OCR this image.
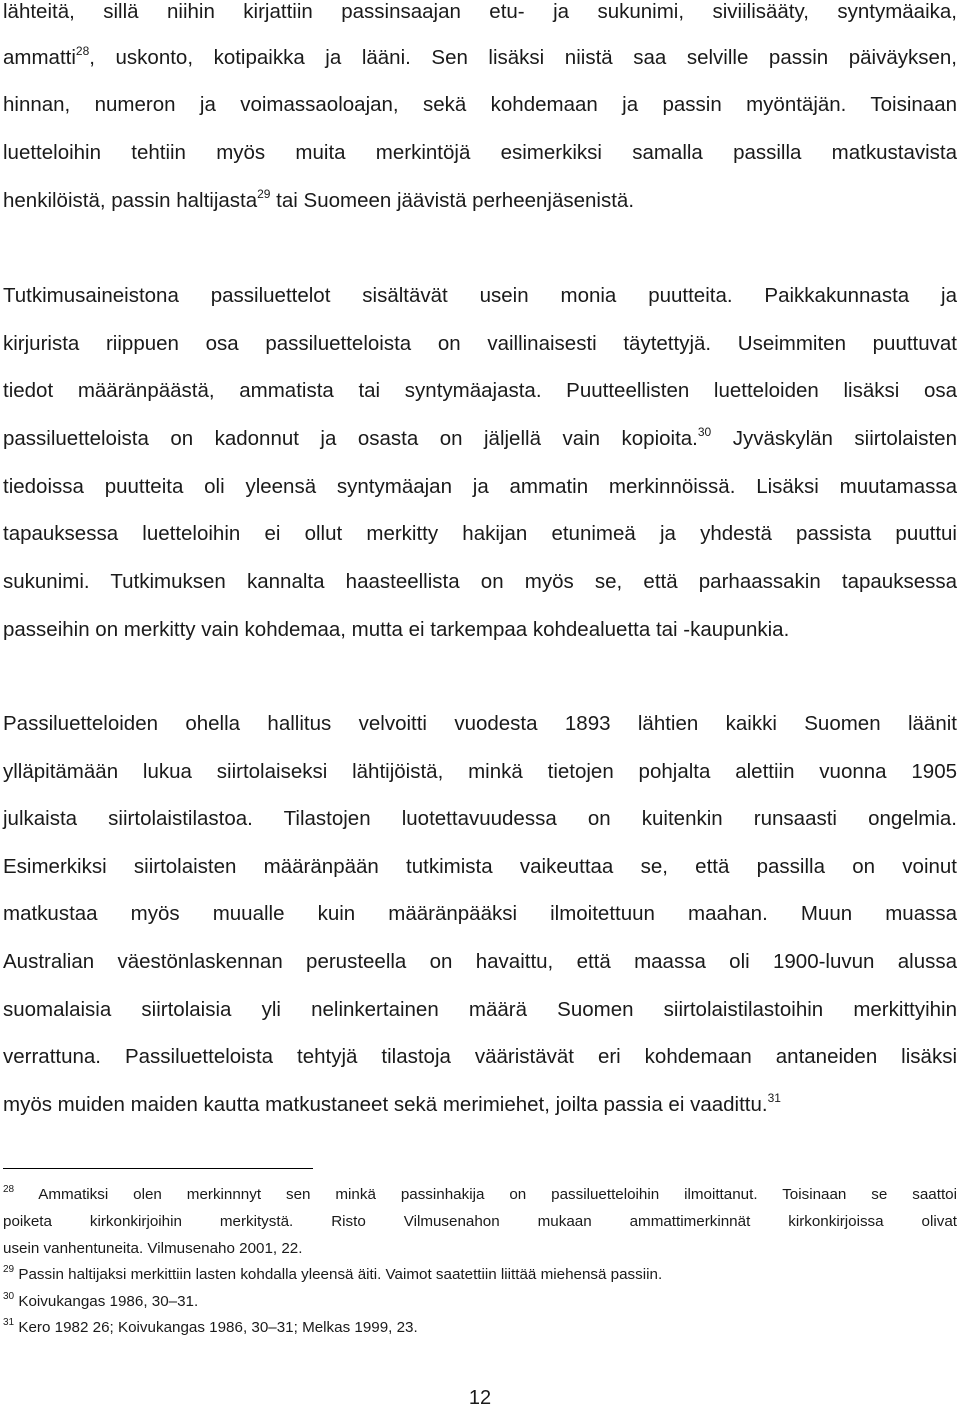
lähteitä, sillä niihin kirjattiin passinsaajan etu- ja sukunimi, siviilisääty, syntymäaika,
ammatti$^{28}$, uskonto, kotipaikka ja lääni. Sen lisäksi niistä saa selville passin päiväyksen,
hinnan, numeron ja voimassaoloajan, sekä kohdemaan ja passin myöntäjän. Toisinaan
luetteloihin tehtiin myös muita merkintöjä esimerkiksi samalla passilla matkustavista
henkilöistä, passin haltijasta$^{29}$ tai Suomeen jäävistä perheenjäsenistä.
Tutkimusaineistona passiluettelot sisältävät usein monia puutteita. Paikkakunnasta ja
kirjurista riippuen osa passiluetteloista on vaillinaisesti täytettyjä. Useimmiten puuttuvat
tiedot määränpäästä, ammatista tai syntymäajasta. Puutteellisten luetteloiden lisäksi osa
passiluetteloista on kadonnut ja osasta on jäljellä vain kopioita.$^{30}$ Jyväskylän siirtolaisten
tiedoissa puutteita oli yleensä syntymäajan ja ammatin merkinnöissä. Lisäksi muutamassa
tapauksessa luetteloihin ei ollut merkitty hakijan etunimeä ja yhdestä passista puuttui
sukunimi. Tutkimuksen kannalta haasteellista on myös se, että parhaassakin tapauksessa
passeihin on merkitty vain kohdemaa, mutta ei tarkempaa kohdealuetta tai -kaupunkia.
Passiluetteloiden ohella hallitus velvoitti vuodesta 1893 lähtien kaikki Suomen läänit
ylläpitämään lukua siirtolaiseksi lähtijöistä, minkä tietojen pohjalta alettiin vuonna 1905
julkaista siirtolaistilastoa. Tilastojen luotettavuudessa on kuitenkin runsaasti ongelmia.
Esimerkiksi siirtolaisten määränpään tutkimista vaikeuttaa se, että passilla on voinut
matkustaa myös muualle kuin määränpääksi ilmoitettuun maahan. Muun muassa
Australian väestönlaskennan perusteella on havaittu, että maassa oli 1900-luvun alussa
suomalaisia siirtolaisia yli nelinkertainen määrä Suomen siirtolaistilastoihin merkittyihin
verrattuna. Passiluetteloista tehtyjä tilastoja vääristävät eri kohdemaan antaneiden lisäksi
myös muiden maiden kautta matkustaneet sekä merimiehet, joilta passia ei vaadittu.$^{31}$
$^{28}$ Ammatiksi olen merkinnnyt sen minkä passinhakija on passiluetteloihin ilmoittanut. Toisinaan se saattoi
poiketa kirkonkirjoihin merkitystä. Risto Vilmusenahon mukaan ammattimerkinnät kirkonkirjoissa olivat
usein vanhentuneita. Vilmusenaho 2001, 22.
$^{29}$ Passin haltijaksi merkittiin lasten kohdalla yleensä äiti. Vaimot saatettiin liittää miehensä passiin.
$^{30}$ Koivukangas 1986, 30–31.
$^{31}$ Kero 1982 26; Koivukangas 1986, 30–31; Melkas 1999, 23.
12
